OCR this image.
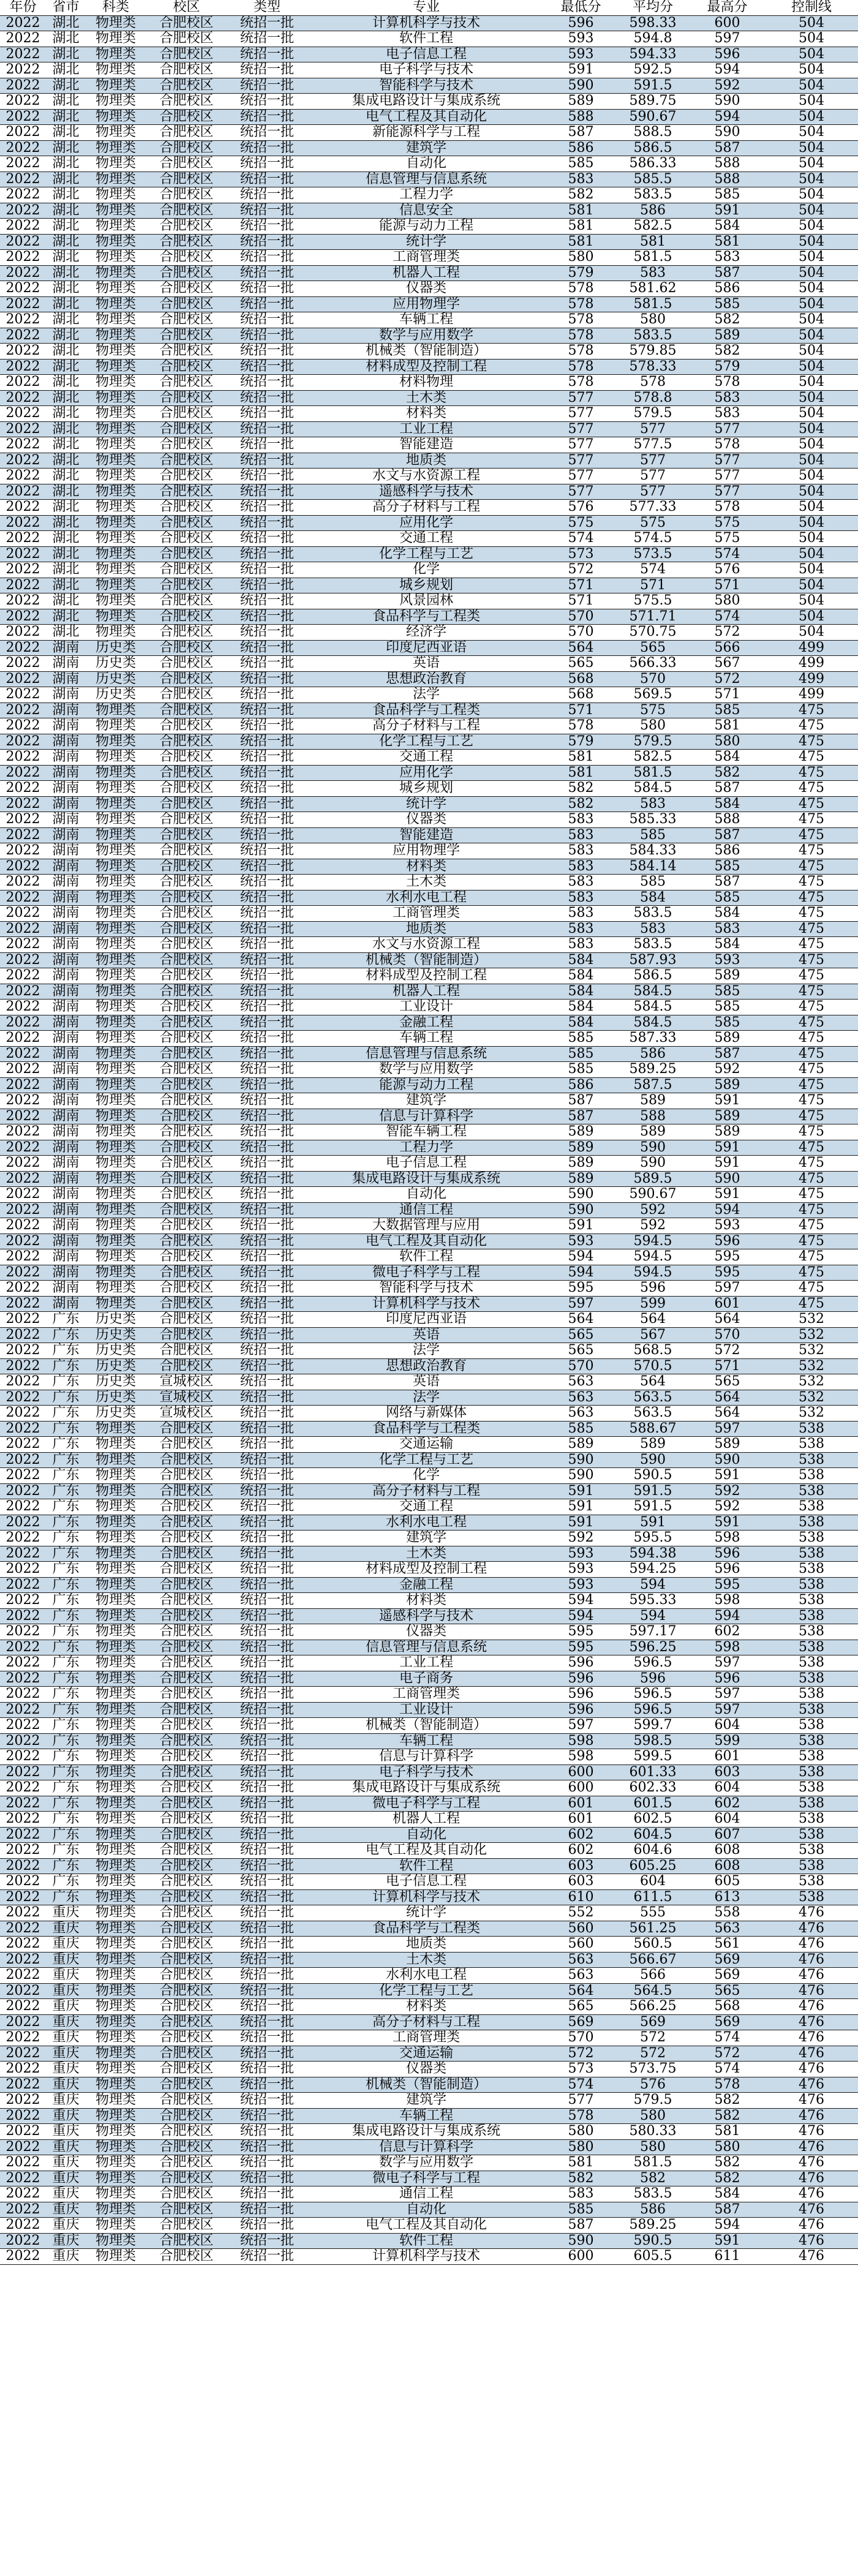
年份	省市	科类	校区	类型	专业	最低分	平均分	最高分	控制线
2022	湖北	物理类	合肥校区	统招一批	计算机科学与技术	596	598.33	600	504
2022	湖北	物理类	合肥校区	统招一批	软件工程	593	594.8	597	504
2022	湖北	物理类	合肥校区	统招一批	电子信息工程	593	594.33	596	504
2022	湖北	物理类	合肥校区	统招一批	电子科学与技术	591	592.5	594	504
2022	湖北	物理类	合肥校区	统招一批	智能科学与技术	590	591.5	592	504
2022	湖北	物理类	合肥校区	统招一批	集成电路设计与集成系统	589	589.75	590	504
2022	湖北	物理类	合肥校区	统招一批	电气工程及其自动化	588	590.67	594	504
2022	湖北	物理类	合肥校区	统招一批	新能源科学与工程	587	588.5	590	504
2022	湖北	物理类	合肥校区	统招一批	建筑学	586	586.5	587	504
2022	湖北	物理类	合肥校区	统招一批	自动化	585	586.33	588	504
2022	湖北	物理类	合肥校区	统招一批	信息管理与信息系统	583	585.5	588	504
2022	湖北	物理类	合肥校区	统招一批	工程力学	582	583.5	585	504
2022	湖北	物理类	合肥校区	统招一批	信息安全	581	586	591	504
2022	湖北	物理类	合肥校区	统招一批	能源与动力工程	581	582.5	584	504
2022	湖北	物理类	合肥校区	统招一批	统计学	581	581	581	504
2022	湖北	物理类	合肥校区	统招一批	工商管理类	580	581.5	583	504
2022	湖北	物理类	合肥校区	统招一批	机器人工程	579	583	587	504
2022	湖北	物理类	合肥校区	统招一批	仪器类	578	581.62	586	504
2022	湖北	物理类	合肥校区	统招一批	应用物理学	578	581.5	585	504
2022	湖北	物理类	合肥校区	统招一批	车辆工程	578	580	582	504
2022	湖北	物理类	合肥校区	统招一批	数学与应用数学	578	583.5	589	504
2022	湖北	物理类	合肥校区	统招一批	机械类（智能制造）	578	579.85	582	504
2022	湖北	物理类	合肥校区	统招一批	材料成型及控制工程	578	578.33	579	504
2022	湖北	物理类	合肥校区	统招一批	材料物理	578	578	578	504
2022	湖北	物理类	合肥校区	统招一批	土木类	577	578.8	583	504
2022	湖北	物理类	合肥校区	统招一批	材料类	577	579.5	583	504
2022	湖北	物理类	合肥校区	统招一批	工业工程	577	577	577	504
2022	湖北	物理类	合肥校区	统招一批	智能建造	577	577.5	578	504
2022	湖北	物理类	合肥校区	统招一批	地质类	577	577	577	504
2022	湖北	物理类	合肥校区	统招一批	水文与水资源工程	577	577	577	504
2022	湖北	物理类	合肥校区	统招一批	遥感科学与技术	577	577	577	504
2022	湖北	物理类	合肥校区	统招一批	高分子材料与工程	576	577.33	578	504
2022	湖北	物理类	合肥校区	统招一批	应用化学	575	575	575	504
2022	湖北	物理类	合肥校区	统招一批	交通工程	574	574.5	575	504
2022	湖北	物理类	合肥校区	统招一批	化学工程与工艺	573	573.5	574	504
2022	湖北	物理类	合肥校区	统招一批	化学	572	574	576	504
2022	湖北	物理类	合肥校区	统招一批	城乡规划	571	571	571	504
2022	湖北	物理类	合肥校区	统招一批	风景园林	571	575.5	580	504
2022	湖北	物理类	合肥校区	统招一批	食品科学与工程类	570	571.71	574	504
2022	湖北	物理类	合肥校区	统招一批	经济学	570	570.75	572	504
2022	湖南	历史类	合肥校区	统招一批	印度尼西亚语	564	565	566	499
2022	湖南	历史类	合肥校区	统招一批	英语	565	566.33	567	499
2022	湖南	历史类	合肥校区	统招一批	思想政治教育	568	570	572	499
2022	湖南	历史类	合肥校区	统招一批	法学	568	569.5	571	499
2022	湖南	物理类	合肥校区	统招一批	食品科学与工程类	571	575	585	475
2022	湖南	物理类	合肥校区	统招一批	高分子材料与工程	578	580	581	475
2022	湖南	物理类	合肥校区	统招一批	化学工程与工艺	579	579.5	580	475
2022	湖南	物理类	合肥校区	统招一批	交通工程	581	582.5	584	475
2022	湖南	物理类	合肥校区	统招一批	应用化学	581	581.5	582	475
2022	湖南	物理类	合肥校区	统招一批	城乡规划	582	584.5	587	475
2022	湖南	物理类	合肥校区	统招一批	统计学	582	583	584	475
2022	湖南	物理类	合肥校区	统招一批	仪器类	583	585.33	588	475
2022	湖南	物理类	合肥校区	统招一批	智能建造	583	585	587	475
2022	湖南	物理类	合肥校区	统招一批	应用物理学	583	584.33	586	475
2022	湖南	物理类	合肥校区	统招一批	材料类	583	584.14	585	475
2022	湖南	物理类	合肥校区	统招一批	土木类	583	585	587	475
2022	湖南	物理类	合肥校区	统招一批	水利水电工程	583	584	585	475
2022	湖南	物理类	合肥校区	统招一批	工商管理类	583	583.5	584	475
2022	湖南	物理类	合肥校区	统招一批	地质类	583	583	583	475
2022	湖南	物理类	合肥校区	统招一批	水文与水资源工程	583	583.5	584	475
2022	湖南	物理类	合肥校区	统招一批	机械类（智能制造）	584	587.93	593	475
2022	湖南	物理类	合肥校区	统招一批	材料成型及控制工程	584	586.5	589	475
2022	湖南	物理类	合肥校区	统招一批	机器人工程	584	584.5	585	475
2022	湖南	物理类	合肥校区	统招一批	工业设计	584	584.5	585	475
2022	湖南	物理类	合肥校区	统招一批	金融工程	584	584.5	585	475
2022	湖南	物理类	合肥校区	统招一批	车辆工程	585	587.33	589	475
2022	湖南	物理类	合肥校区	统招一批	信息管理与信息系统	585	586	587	475
2022	湖南	物理类	合肥校区	统招一批	数学与应用数学	585	589.25	592	475
2022	湖南	物理类	合肥校区	统招一批	能源与动力工程	586	587.5	589	475
2022	湖南	物理类	合肥校区	统招一批	建筑学	587	589	591	475
2022	湖南	物理类	合肥校区	统招一批	信息与计算科学	587	588	589	475
2022	湖南	物理类	合肥校区	统招一批	智能车辆工程	589	589	589	475
2022	湖南	物理类	合肥校区	统招一批	工程力学	589	590	591	475
2022	湖南	物理类	合肥校区	统招一批	电子信息工程	589	590	591	475
2022	湖南	物理类	合肥校区	统招一批	集成电路设计与集成系统	589	589.5	590	475
2022	湖南	物理类	合肥校区	统招一批	自动化	590	590.67	591	475
2022	湖南	物理类	合肥校区	统招一批	通信工程	590	592	594	475
2022	湖南	物理类	合肥校区	统招一批	大数据管理与应用	591	592	593	475
2022	湖南	物理类	合肥校区	统招一批	电气工程及其自动化	593	594.5	596	475
2022	湖南	物理类	合肥校区	统招一批	软件工程	594	594.5	595	475
2022	湖南	物理类	合肥校区	统招一批	微电子科学与工程	594	594.5	595	475
2022	湖南	物理类	合肥校区	统招一批	智能科学与技术	595	596	597	475
2022	湖南	物理类	合肥校区	统招一批	计算机科学与技术	597	599	601	475
2022	广东	历史类	合肥校区	统招一批	印度尼西亚语	564	564	564	532
2022	广东	历史类	合肥校区	统招一批	英语	565	567	570	532
2022	广东	历史类	合肥校区	统招一批	法学	565	568.5	572	532
2022	广东	历史类	合肥校区	统招一批	思想政治教育	570	570.5	571	532
2022	广东	历史类	宣城校区	统招一批	英语	563	564	565	532
2022	广东	历史类	宣城校区	统招一批	法学	563	563.5	564	532
2022	广东	历史类	宣城校区	统招一批	网络与新媒体	563	563.5	564	532
2022	广东	物理类	合肥校区	统招一批	食品科学与工程类	585	588.67	597	538
2022	广东	物理类	合肥校区	统招一批	交通运输	589	589	589	538
2022	广东	物理类	合肥校区	统招一批	化学工程与工艺	590	590	590	538
2022	广东	物理类	合肥校区	统招一批	化学	590	590.5	591	538
2022	广东	物理类	合肥校区	统招一批	高分子材料与工程	591	591.5	592	538
2022	广东	物理类	合肥校区	统招一批	交通工程	591	591.5	592	538
2022	广东	物理类	合肥校区	统招一批	水利水电工程	591	591	591	538
2022	广东	物理类	合肥校区	统招一批	建筑学	592	595.5	598	538
2022	广东	物理类	合肥校区	统招一批	土木类	593	594.38	596	538
2022	广东	物理类	合肥校区	统招一批	材料成型及控制工程	593	594.25	596	538
2022	广东	物理类	合肥校区	统招一批	金融工程	593	594	595	538
2022	广东	物理类	合肥校区	统招一批	材料类	594	595.33	598	538
2022	广东	物理类	合肥校区	统招一批	遥感科学与技术	594	594	594	538
2022	广东	物理类	合肥校区	统招一批	仪器类	595	597.17	602	538
2022	广东	物理类	合肥校区	统招一批	信息管理与信息系统	595	596.25	598	538
2022	广东	物理类	合肥校区	统招一批	工业工程	596	596.5	597	538
2022	广东	物理类	合肥校区	统招一批	电子商务	596	596	596	538
2022	广东	物理类	合肥校区	统招一批	工商管理类	596	596.5	597	538
2022	广东	物理类	合肥校区	统招一批	工业设计	596	596.5	597	538
2022	广东	物理类	合肥校区	统招一批	机械类（智能制造）	597	599.7	604	538
2022	广东	物理类	合肥校区	统招一批	车辆工程	598	598.5	599	538
2022	广东	物理类	合肥校区	统招一批	信息与计算科学	598	599.5	601	538
2022	广东	物理类	合肥校区	统招一批	电子科学与技术	600	601.33	603	538
2022	广东	物理类	合肥校区	统招一批	集成电路设计与集成系统	600	602.33	604	538
2022	广东	物理类	合肥校区	统招一批	微电子科学与工程	601	601.5	602	538
2022	广东	物理类	合肥校区	统招一批	机器人工程	601	602.5	604	538
2022	广东	物理类	合肥校区	统招一批	自动化	602	604.5	607	538
2022	广东	物理类	合肥校区	统招一批	电气工程及其自动化	602	604.6	608	538
2022	广东	物理类	合肥校区	统招一批	软件工程	603	605.25	608	538
2022	广东	物理类	合肥校区	统招一批	电子信息工程	603	604	605	538
2022	广东	物理类	合肥校区	统招一批	计算机科学与技术	610	611.5	613	538
2022	重庆	物理类	合肥校区	统招一批	统计学	552	555	558	476
2022	重庆	物理类	合肥校区	统招一批	食品科学与工程类	560	561.25	563	476
2022	重庆	物理类	合肥校区	统招一批	地质类	560	560.5	561	476
2022	重庆	物理类	合肥校区	统招一批	土木类	563	566.67	569	476
2022	重庆	物理类	合肥校区	统招一批	水利水电工程	563	566	569	476
2022	重庆	物理类	合肥校区	统招一批	化学工程与工艺	564	564.5	565	476
2022	重庆	物理类	合肥校区	统招一批	材料类	565	566.25	568	476
2022	重庆	物理类	合肥校区	统招一批	高分子材料与工程	569	569	569	476
2022	重庆	物理类	合肥校区	统招一批	工商管理类	570	572	574	476
2022	重庆	物理类	合肥校区	统招一批	交通运输	572	572	572	476
2022	重庆	物理类	合肥校区	统招一批	仪器类	573	573.75	574	476
2022	重庆	物理类	合肥校区	统招一批	机械类（智能制造）	574	576	578	476
2022	重庆	物理类	合肥校区	统招一批	建筑学	577	579.5	582	476
2022	重庆	物理类	合肥校区	统招一批	车辆工程	578	580	582	476
2022	重庆	物理类	合肥校区	统招一批	集成电路设计与集成系统	580	580.33	581	476
2022	重庆	物理类	合肥校区	统招一批	信息与计算科学	580	580	580	476
2022	重庆	物理类	合肥校区	统招一批	数学与应用数学	581	581.5	582	476
2022	重庆	物理类	合肥校区	统招一批	微电子科学与工程	582	582	582	476
2022	重庆	物理类	合肥校区	统招一批	通信工程	583	583.5	584	476
2022	重庆	物理类	合肥校区	统招一批	自动化	585	586	587	476
2022	重庆	物理类	合肥校区	统招一批	电气工程及其自动化	587	589.25	594	476
2022	重庆	物理类	合肥校区	统招一批	软件工程	590	590.5	591	476
2022	重庆	物理类	合肥校区	统招一批	计算机科学与技术	600	605.5	611	476
